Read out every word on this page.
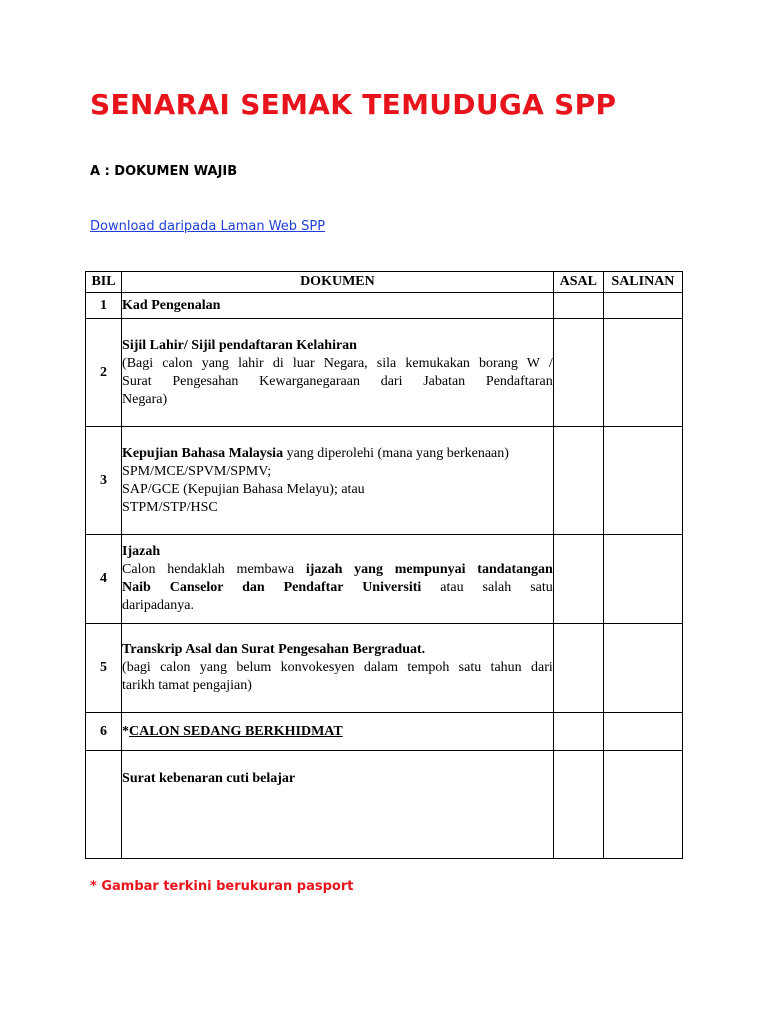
SENARAI SEMAK TEMUDUGA SPP
A : DOKUMEN WAJIB
Download daripada Laman Web SPP
BIL	DOKUMEN	ASAL	SALINAN
1	Kad Pengenalan		
2	Sijil Lahir/ Sijil pendaftaran Kelahiran
(Bagi calon yang lahir di luar Negara, sila kemukakan borang W /
Surat Pengesahan Kewarganegaraan dari Jabatan Pendaftaran
Negara)		

3	Kepujian Bahasa Malaysia yang diperolehi (mana yang berkenaan)
SPM/MCE/SPVM/SPMV;
SAP/GCE (Kepujian Bahasa Melayu); atau
STPM/STP/HSC		

4	Ijazah
Calon hendaklah membawa ijazah yang mempunyai tandatangan
Naib Canselor dan Pendaftar Universiti atau salah satu
daripadanya.		

5	Transkrip Asal dan Surat Pengesahan Bergraduat.
(bagi calon yang belum konvokesyen dalam tempoh satu tahun dari
tarikh tamat pengajian)		

6	*CALON SEDANG BERKHIDMAT		
	Surat kebenaran cuti belajar		
* Gambar terkini berukuran pasport
